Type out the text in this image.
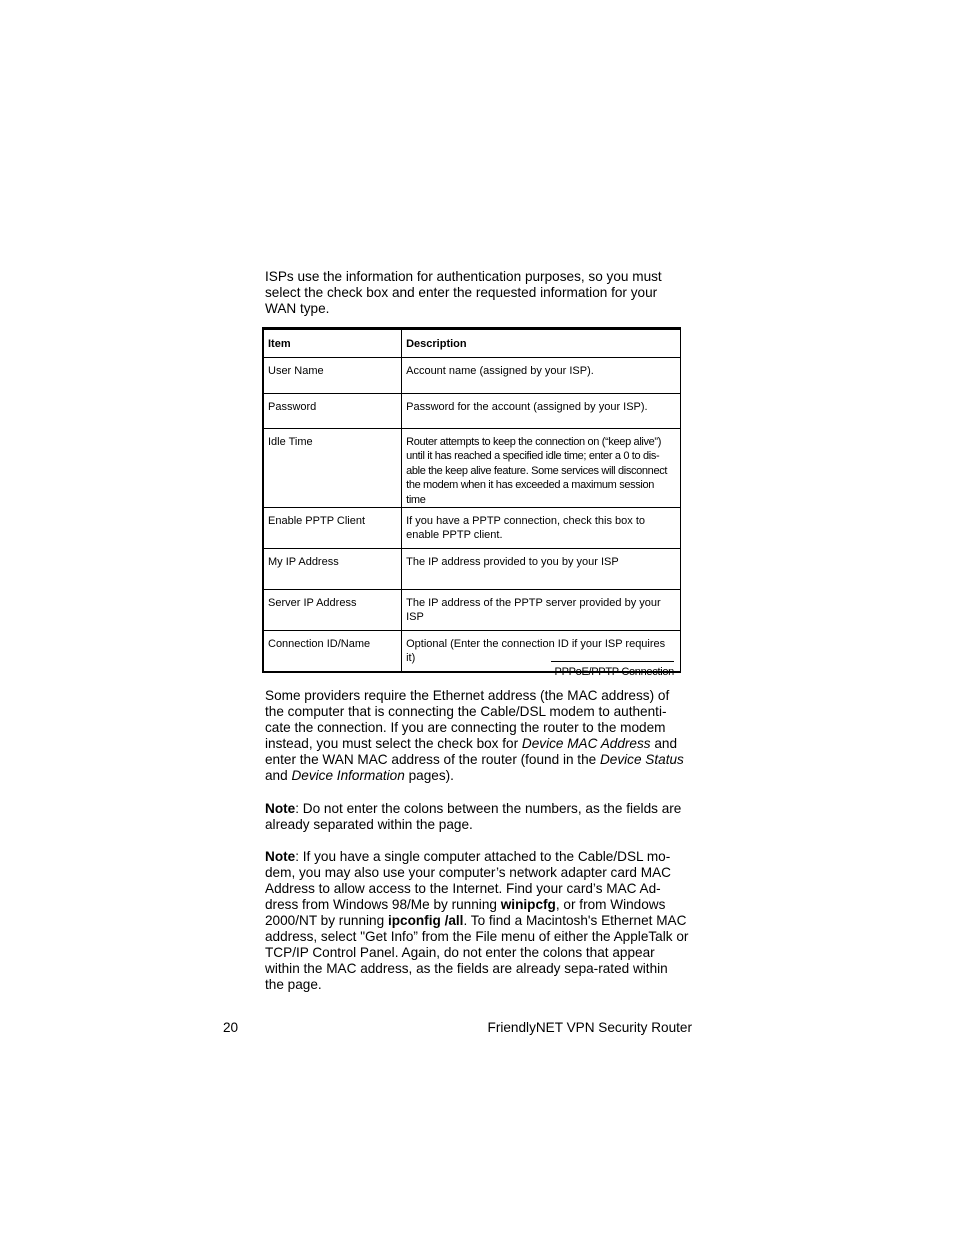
ISPs use the information for authentication purposes, so you must select the check box and enter the requested information for your WAN type.

Item	Description
User Name	Account name (assigned by your ISP).
Password	Password for the account (assigned by your ISP).
Idle Time	Router attempts to keep the connection on (“keep alive”) until it has reached a specified idle time; enter a 0 to dis-able the keep alive feature. Some services will disconnect the modem when it has exceeded a maximum session time
Enable PPTP Client	If you have a PPTP connection, check this box to enable PPTP client.
My IP Address	The IP address provided to you by your ISP
Server IP Address	The IP address of the PPTP server provided by your ISP
Connection ID/Name	Optional (Enter the connection ID if your ISP requires it)
PPPoE/PPTP Connection

Some providers require the Ethernet address (the MAC address) of the computer that is connecting the Cable/DSL modem to authenti-cate the connection. If you are connecting the router to the modem instead, you must select the check box for Device MAC Address and enter the WAN MAC address of the router (found in the Device Status and Device Information pages).

Note: Do not enter the colons between the numbers, as the fields are already separated within the page.

Note: If you have a single computer attached to the Cable/DSL mo-dem, you may also use your computer’s network adapter card MAC Address to allow access to the Internet. Find your card’s MAC Ad-dress from Windows 98/Me by running winipcfg, or from Windows 2000/NT by running ipconfig /all. To find a Macintosh's Ethernet MAC address, select "Get Info” from the File menu of either the AppleTalk or TCP/IP Control Panel. Again, do not enter the colons that appear within the MAC address, as the fields are already sepa-rated within the page.

20	FriendlyNET VPN Security Router
